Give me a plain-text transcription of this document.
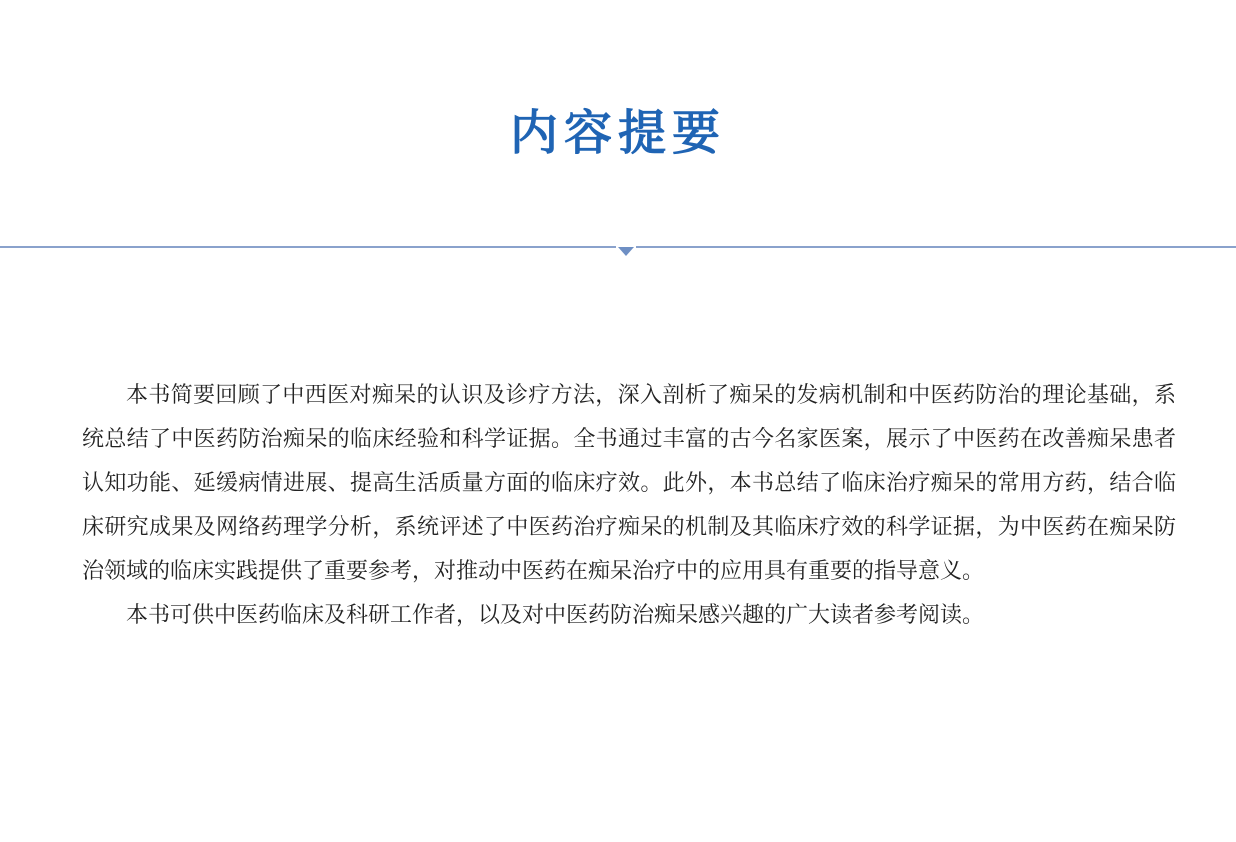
内容提要

本书简要回顾了中西医对痴呆的认识及诊疗方法，深入剖析了痴呆的发病机制和中医药防治的理论基础，系统总结了中医药防治痴呆的临床经验和科学证据。全书通过丰富的古今名家医案，展示了中医药在改善痴呆患者认知功能、延缓病情进展、提高生活质量方面的临床疗效。此外，本书总结了临床治疗痴呆的常用方药，结合临床研究成果及网络药理学分析，系统评述了中医药治疗痴呆的机制及其临床疗效的科学证据，为中医药在痴呆防治领域的临床实践提供了重要参考，对推动中医药在痴呆治疗中的应用具有重要的指导意义。

本书可供中医药临床及科研工作者，以及对中医药防治痴呆感兴趣的广大读者参考阅读。
